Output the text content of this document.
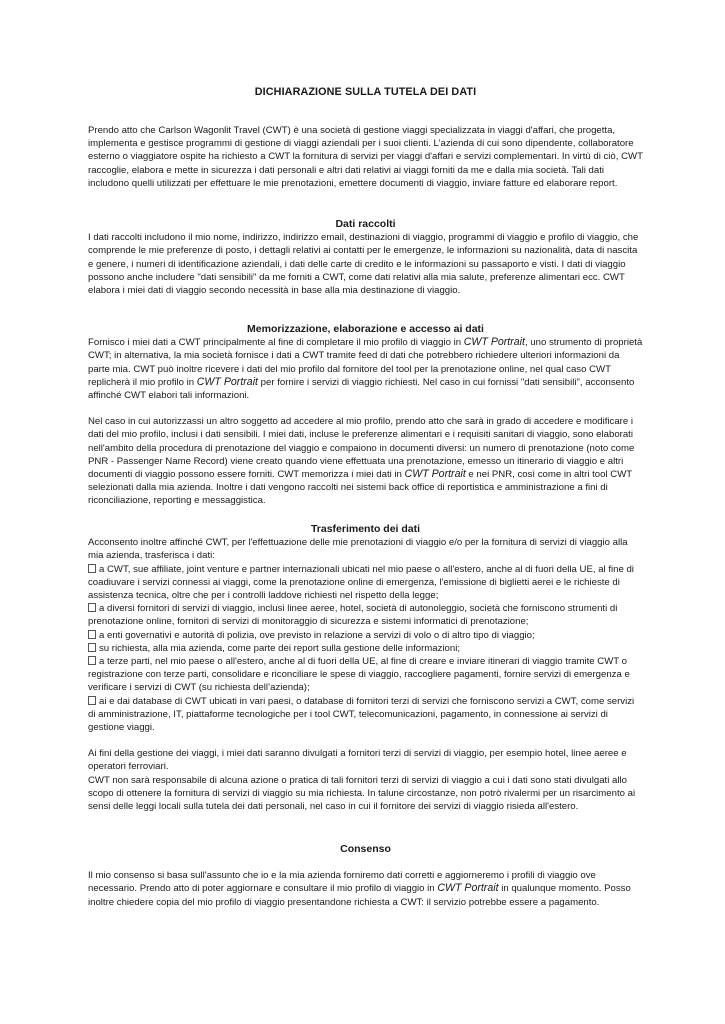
DICHIARAZIONE SULLA TUTELA DEI DATI

Prendo atto che Carlson Wagonlit Travel (CWT) è una società di gestione viaggi specializzata in viaggi d'affari, che progetta, implementa e gestisce programmi di gestione di viaggi aziendali per i suoi clienti. L’azienda di cui sono dipendente, collaboratore esterno o viaggiatore ospite ha richiesto a CWT la fornitura di servizi per viaggi d'affari e servizi complementari. In virtù di ciò, CWT raccoglie, elabora e mette in sicurezza i dati personali e altri dati relativi ai viaggi forniti da me e dalla mia società. Tali dati includono quelli utilizzati per effettuare le mie prenotazioni, emettere documenti di viaggio, inviare fatture ed elaborare report.

Dati raccolti

I dati raccolti includono il mio nome, indirizzo, indirizzo email, destinazioni di viaggio, programmi di viaggio e profilo di viaggio, che comprende le mie preferenze di posto, i dettagli relativi ai contatti per le emergenze, le informazioni su nazionalità, data di nascita e genere, i numeri di identificazione aziendali, i dati delle carte di credito e le informazioni su passaporto e visti. I dati di viaggio possono anche includere "dati sensibili" da me forniti a CWT, come dati relativi alla mia salute, preferenze alimentari ecc. CWT elabora i miei dati di viaggio secondo necessità in base alla mia destinazione di viaggio.

Memorizzazione, elaborazione e accesso ai dati

Fornisco i miei dati a CWT principalmente al fine di completare il mio profilo di viaggio in CWT Portrait, uno strumento di proprietà CWT; in alternativa, la mia società fornisce i dati a CWT tramite feed di dati che potrebbero richiedere ulteriori informazioni da parte mia. CWT può inoltre ricevere i dati del mio profilo dal fornitore del tool per la prenotazione online, nel qual caso CWT replicherà il mio profilo in CWT Portrait per fornire i servizi di viaggio richiesti. Nel caso in cui fornissi "dati sensibili", acconsento affinché CWT elabori tali informazioni.

Nel caso in cui autorizzassi un altro soggetto ad accedere al mio profilo, prendo atto che sarà in grado di accedere e modificare i dati del mio profilo, inclusi i dati sensibili. I miei dati, incluse le preferenze alimentari e i requisiti sanitari di viaggio, sono elaborati nell'ambito della procedura di prenotazione del viaggio e compaiono in documenti diversi: un numero di prenotazione (noto come PNR - Passenger Name Record) viene creato quando viene effettuata una prenotazione, emesso un itinerario di viaggio e altri documenti di viaggio possono essere forniti. CWT memorizza i miei dati in CWT Portrait e nei PNR, così come in altri tool CWT selezionati dalla mia azienda. Inoltre i dati vengono raccolti nei sistemi back office di reportistica e amministrazione a fini di riconciliazione, reporting e messaggistica.

Trasferimento dei dati

Acconsento inoltre affinché CWT, per l'effettuazione delle mie prenotazioni di viaggio e/o per la fornitura di servizi di viaggio alla mia azienda, trasferisca i dati:

a CWT, sue affiliate, joint venture e partner internazionali ubicati nel mio paese o all'estero, anche al di fuori della UE, al fine di coadiuvare i servizi connessi ai viaggi, come la prenotazione online di emergenza, l'emissione di biglietti aerei e le richieste di assistenza tecnica, oltre che per i controlli laddove richiesti nel rispetto della legge;

a diversi fornitori di servizi di viaggio, inclusi linee aeree, hotel, società di autonoleggio, società che forniscono strumenti di prenotazione online, fornitori di servizi di monitoraggio di sicurezza e sistemi informatici di prenotazione;

a enti governativi e autorità di polizia, ove previsto in relazione a servizi di volo o di altro tipo di viaggio;

su richiesta, alla mia azienda, come parte dei report sulla gestione delle informazioni;

a terze parti, nel mio paese o all'estero, anche al di fuori della UE, al fine di creare e inviare itinerari di viaggio tramite CWT o registrazione con terze parti, consolidare e riconciliare le spese di viaggio, raccogliere pagamenti, fornire servizi di emergenza e verificare i servizi di CWT (su richiesta dell’azienda);

ai e dai database di CWT ubicati in vari paesi, o database di fornitori terzi di servizi che forniscono servizi a CWT, come servizi di amministrazione, IT, piattaforme tecnologiche per i tool CWT, telecomunicazioni, pagamento, in connessione ai servizi di gestione viaggi.

Ai fini della gestione dei viaggi, i miei dati saranno divulgati a fornitori terzi di servizi di viaggio, per esempio hotel, linee aeree e operatori ferroviari.

CWT non sarà responsabile di alcuna azione o pratica di tali fornitori terzi di servizi di viaggio a cui i dati sono stati divulgati allo scopo di ottenere la fornitura di servizi di viaggio su mia richiesta. In talune circostanze, non potrò rivalermi per un risarcimento ai sensi delle leggi locali sulla tutela dei dati personali, nel caso in cui il fornitore dei servizi di viaggio risieda all'estero.

Consenso

Il mio consenso si basa sull'assunto che io e la mia azienda forniremo dati corretti e aggiorneremo i profili di viaggio ove necessario. Prendo atto di poter aggiornare e consultare il mio profilo di viaggio in CWT Portrait in qualunque momento. Posso inoltre chiedere copia del mio profilo di viaggio presentandone richiesta a CWT: il servizio potrebbe essere a pagamento.
